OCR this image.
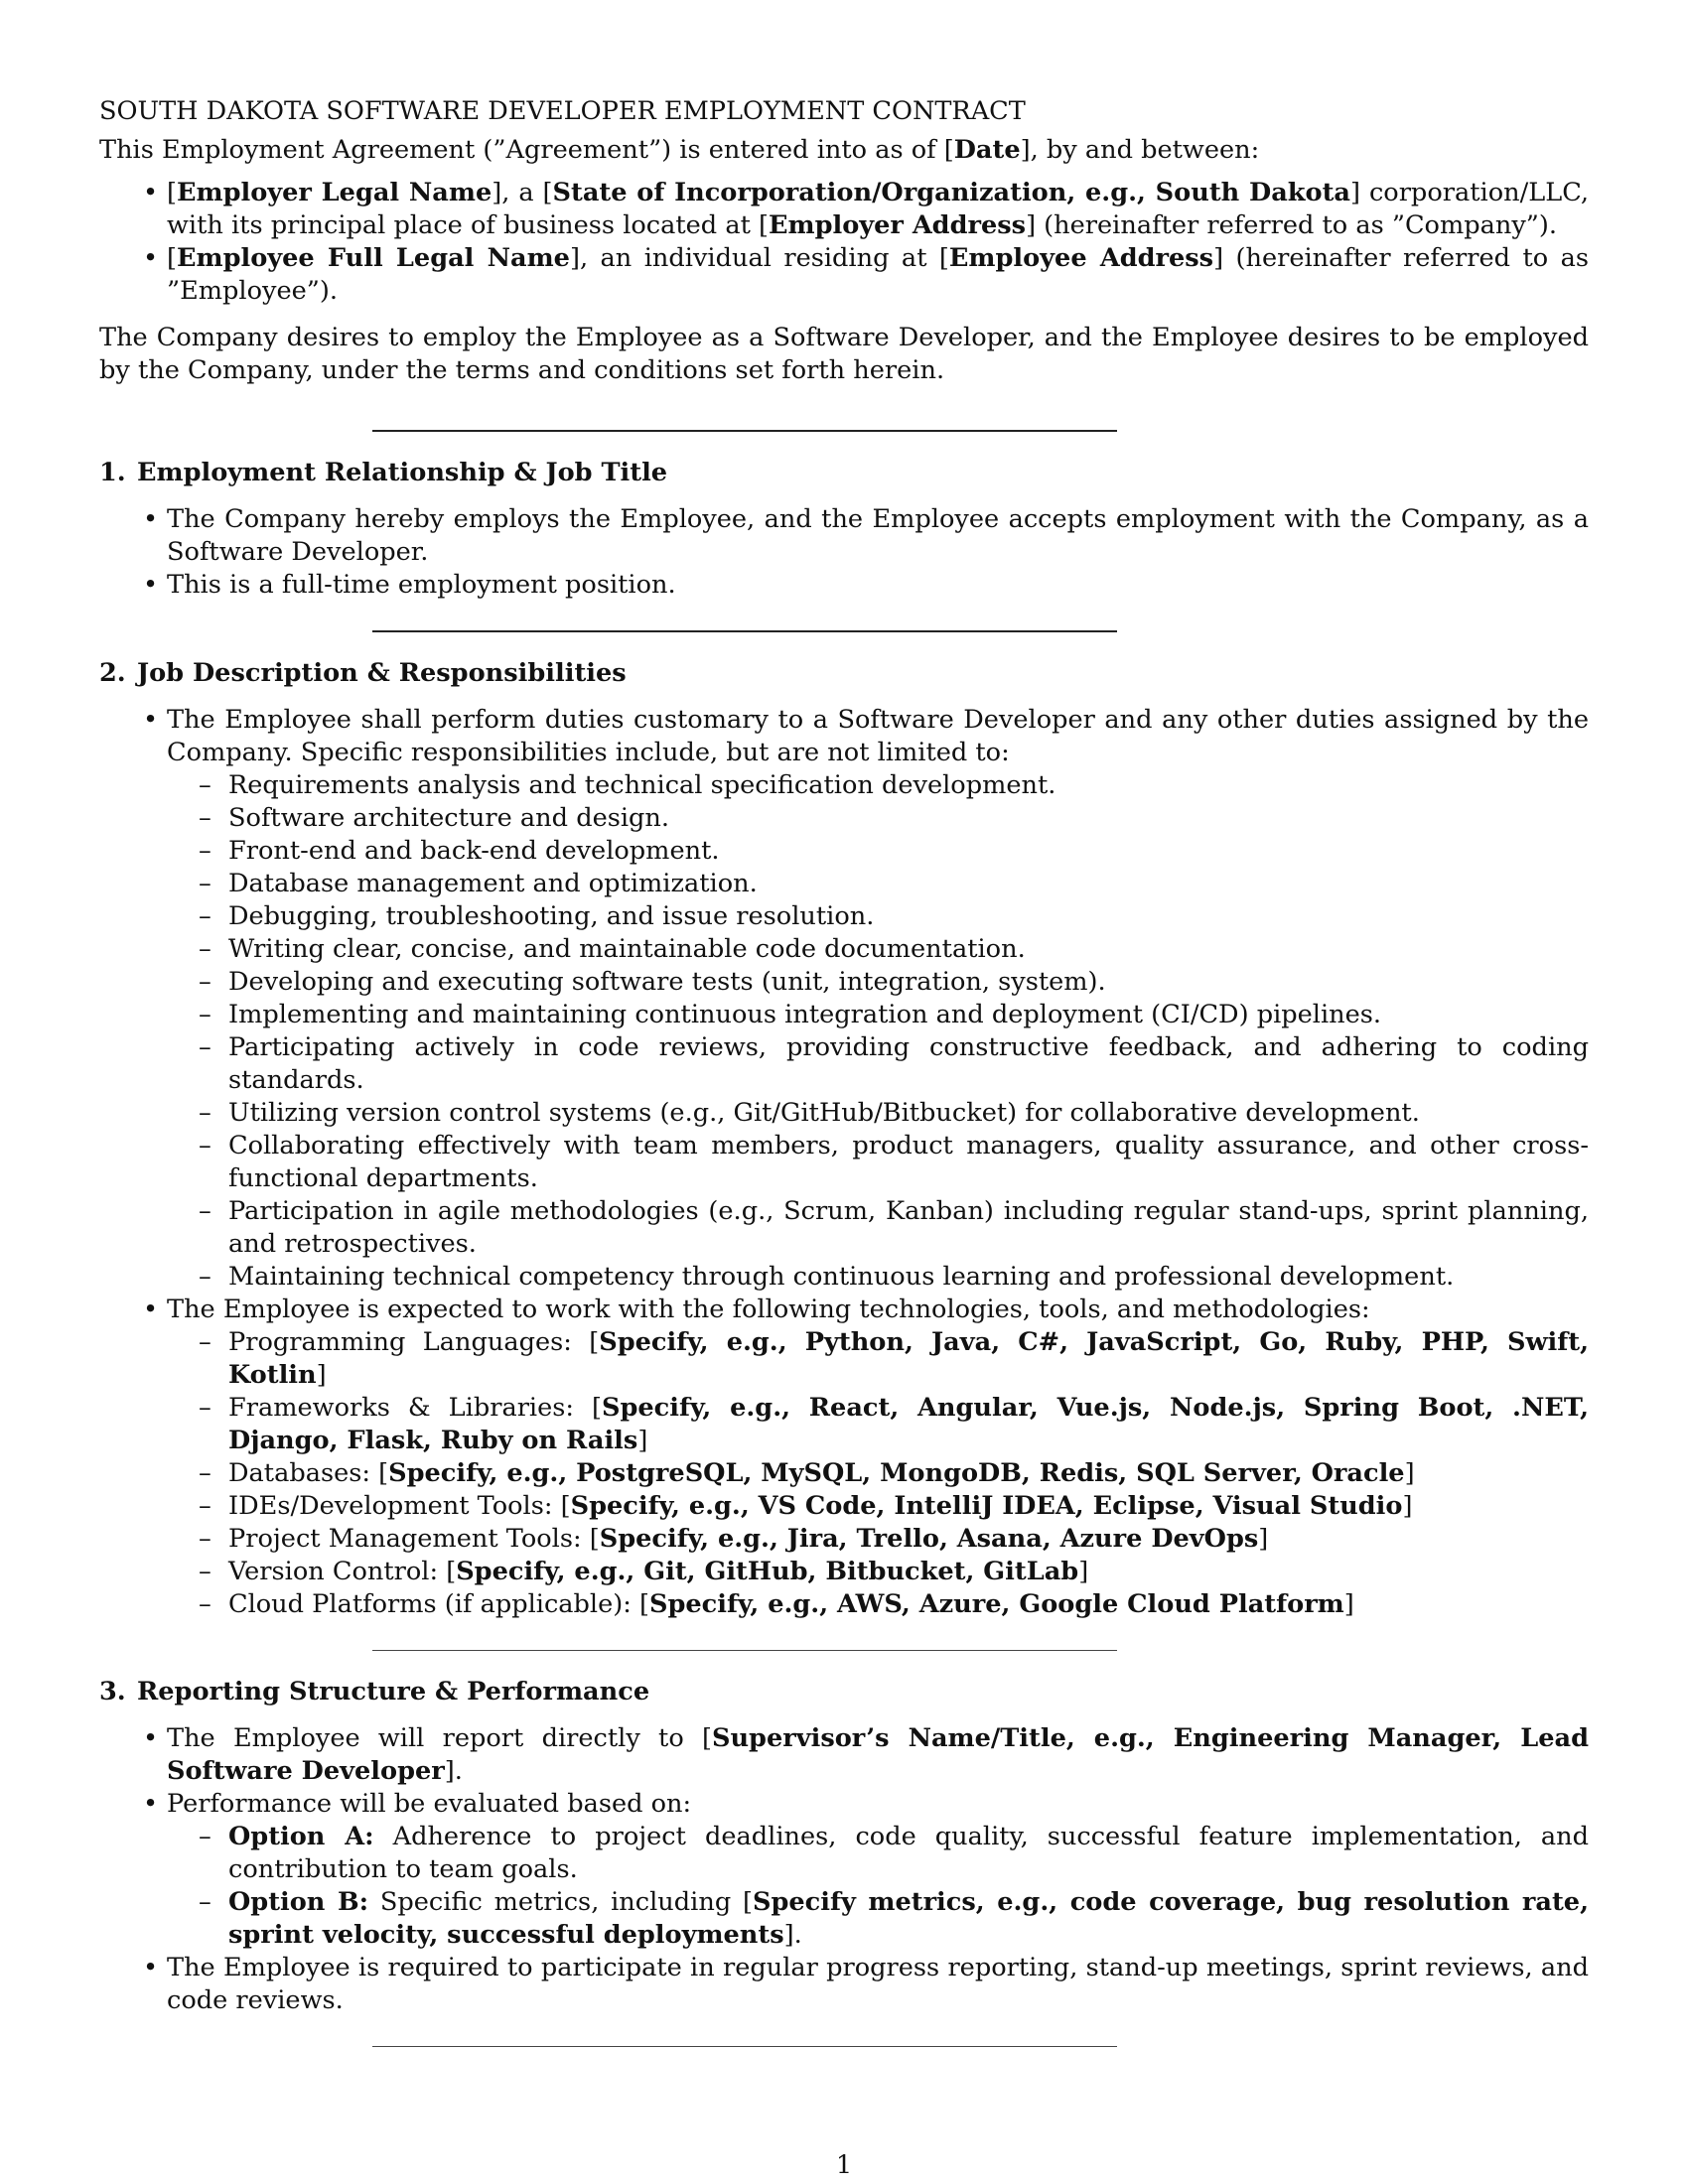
SOUTH DAKOTA SOFTWARE DEVELOPER EMPLOYMENT CONTRACT

This Employment Agreement (”Agreement”) is entered into as of [Date], by and between:

• [Employer Legal Name], a [State of Incorporation/Organization, e.g., South Dakota] corporation/LLC, with its principal place of business located at [Employer Address] (hereinafter referred to as ”Company”).
• [Employee Full Legal Name], an individual residing at [Employee Address] (hereinafter referred to as ”Employee”).

The Company desires to employ the Employee as a Software Developer, and the Employee desires to be employed by the Company, under the terms and conditions set forth herein.

1. Employment Relationship & Job Title
• The Company hereby employs the Employee, and the Employee accepts employment with the Company, as a Software Developer.
• This is a full-time employment position.
2. Job Description & Responsibilities
• The Employee shall perform duties customary to a Software Developer and any other duties assigned by the Company. Specific responsibilities include, but are not limited to:
– Requirements analysis and technical specification development.
– Software architecture and design.
– Front-end and back-end development.
– Database management and optimization.
– Debugging, troubleshooting, and issue resolution.
– Writing clear, concise, and maintainable code documentation.
– Developing and executing software tests (unit, integration, system).
– Implementing and maintaining continuous integration and deployment (CI/CD) pipelines.
– Participating actively in code reviews, providing constructive feedback, and adhering to coding standards.
– Utilizing version control systems (e.g., Git/GitHub/Bitbucket) for collaborative development.
– Collaborating effectively with team members, product managers, quality assurance, and other cross-functional departments.
– Participation in agile methodologies (e.g., Scrum, Kanban) including regular stand-ups, sprint planning, and retrospectives.
– Maintaining technical competency through continuous learning and professional development.
• The Employee is expected to work with the following technologies, tools, and methodologies:
– Programming Languages: [Specify, e.g., Python, Java, C#, JavaScript, Go, Ruby, PHP, Swift, Kotlin]
– Frameworks & Libraries: [Specify, e.g., React, Angular, Vue.js, Node.js, Spring Boot, .NET, Django, Flask, Ruby on Rails]
– Databases: [Specify, e.g., PostgreSQL, MySQL, MongoDB, Redis, SQL Server, Oracle]
– IDEs/Development Tools: [Specify, e.g., VS Code, IntelliJ IDEA, Eclipse, Visual Studio]
– Project Management Tools: [Specify, e.g., Jira, Trello, Asana, Azure DevOps]
– Version Control: [Specify, e.g., Git, GitHub, Bitbucket, GitLab]
– Cloud Platforms (if applicable): [Specify, e.g., AWS, Azure, Google Cloud Platform]
3. Reporting Structure & Performance
• The Employee will report directly to [Supervisor’s Name/Title, e.g., Engineering Manager, Lead Software Developer].
• Performance will be evaluated based on:
– Option A: Adherence to project deadlines, code quality, successful feature implementation, and contribution to team goals.
– Option B: Specific metrics, including [Specify metrics, e.g., code coverage, bug resolution rate, sprint velocity, successful deployments].
• The Employee is required to participate in regular progress reporting, stand-up meetings, sprint reviews, and code reviews.
1
